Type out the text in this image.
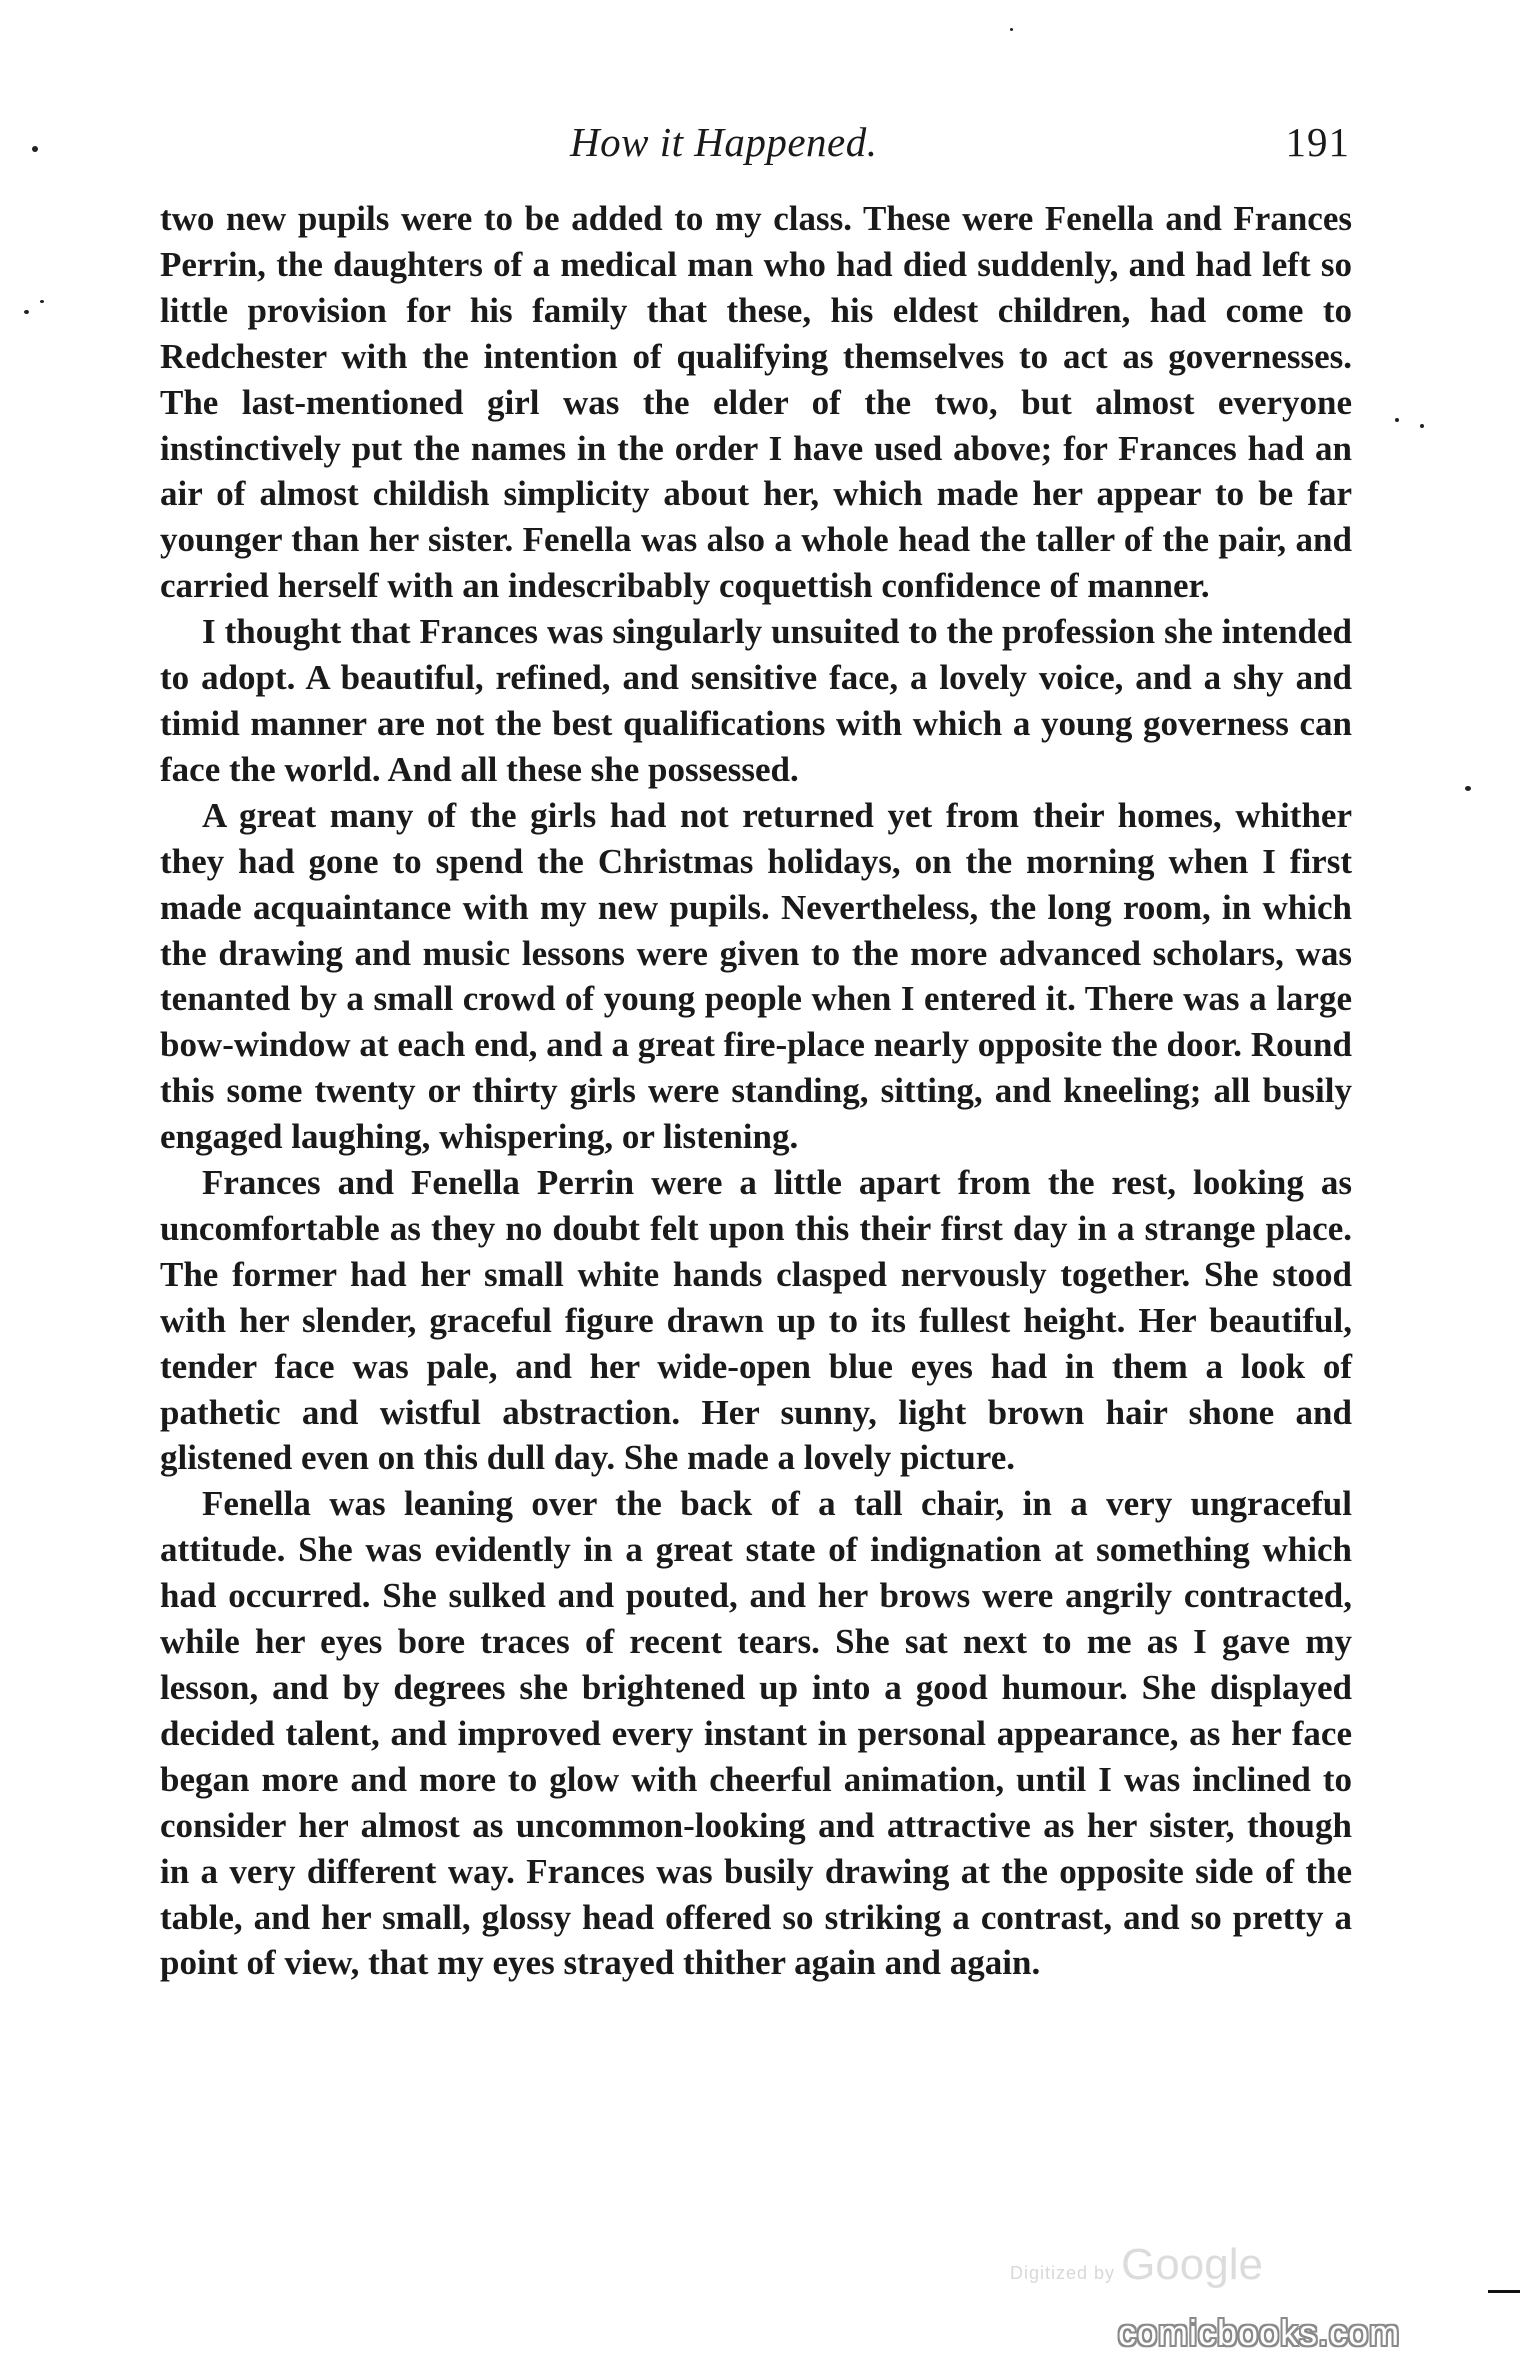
How it Happened.	191

two new pupils were to be added to my class. These were Fenella and Frances Perrin, the daughters of a medical man who had died suddenly, and had left so little provision for his family that these, his eldest children, had come to Redchester with the intention of qualifying themselves to act as governesses. The last-mentioned girl was the elder of the two, but almost everyone instinctively put the names in the order I have used above; for Frances had an air of almost childish simplicity about her, which made her appear to be far younger than her sister. Fenella was also a whole head the taller of the pair, and carried herself with an indescribably coquettish confidence of manner.

I thought that Frances was singularly unsuited to the profession she intended to adopt. A beautiful, refined, and sensitive face, a lovely voice, and a shy and timid manner are not the best qualifications with which a young governess can face the world. And all these she possessed.

A great many of the girls had not returned yet from their homes, whither they had gone to spend the Christmas holidays, on the morning when I first made acquaintance with my new pupils. Nevertheless, the long room, in which the drawing and music lessons were given to the more advanced scholars, was tenanted by a small crowd of young people when I entered it. There was a large bow-window at each end, and a great fire-place nearly opposite the door. Round this some twenty or thirty girls were standing, sitting, and kneeling; all busily engaged laughing, whispering, or listening.

Frances and Fenella Perrin were a little apart from the rest, looking as uncomfortable as they no doubt felt upon this their first day in a strange place. The former had her small white hands clasped nervously together. She stood with her slender, graceful figure drawn up to its fullest height. Her beautiful, tender face was pale, and her wide-open blue eyes had in them a look of pathetic and wistful abstraction. Her sunny, light brown hair shone and glistened even on this dull day. She made a lovely picture.

Fenella was leaning over the back of a tall chair, in a very ungraceful attitude. She was evidently in a great state of indignation at something which had occurred. She sulked and pouted, and her brows were angrily contracted, while her eyes bore traces of recent tears. She sat next to me as I gave my lesson, and by degrees she brightened up into a good humour. She displayed decided talent, and improved every instant in personal appearance, as her face began more and more to glow with cheerful animation, until I was inclined to consider her almost as uncommon-looking and attractive as her sister, though in a very different way. Frances was busily drawing at the opposite side of the table, and her small, glossy head offered so striking a contrast, and so pretty a point of view, that my eyes strayed thither again and again.

Digitized by Google
comicbooks.com
